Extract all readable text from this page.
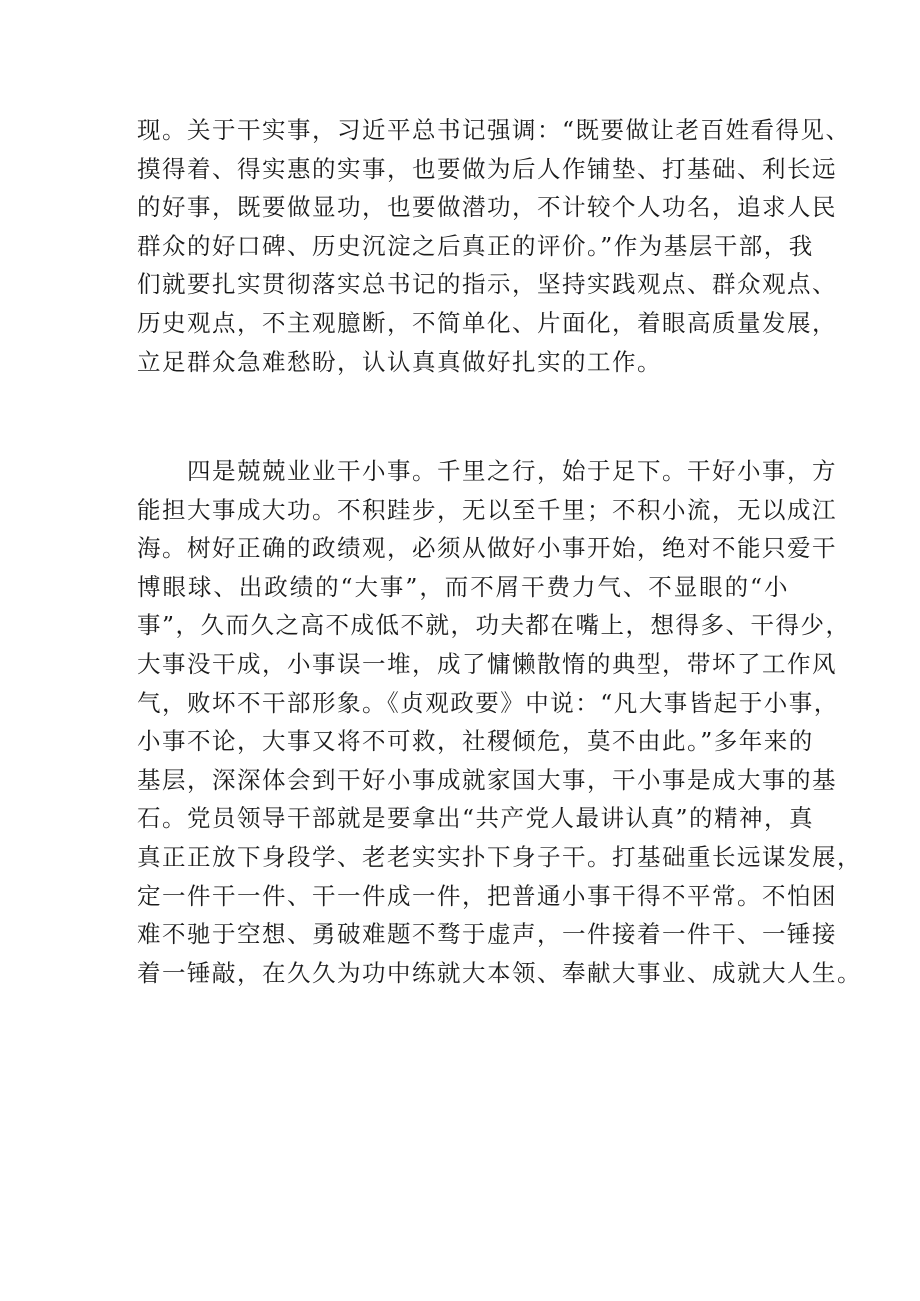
现。关于干实事，习近平总书记强调：“既要做让老百姓看得见、
摸得着、得实惠的实事，也要做为后人作铺垫、打基础、利长远
的好事，既要做显功，也要做潜功，不计较个人功名，追求人民
群众的好口碑、历史沉淀之后真正的评价。”作为基层干部，我
们就要扎实贯彻落实总书记的指示，坚持实践观点、群众观点、
历史观点，不主观臆断，不简单化、片面化，着眼高质量发展，
立足群众急难愁盼，认认真真做好扎实的工作。
四是兢兢业业干小事。千里之行，始于足下。干好小事，方
能担大事成大功。不积跬步，无以至千里；不积小流，无以成江
海。树好正确的政绩观，必须从做好小事开始，绝对不能只爱干
博眼球、出政绩的“大事”，而不屑干费力气、不显眼的“小
事”，久而久之高不成低不就，功夫都在嘴上，想得多、干得少，
大事没干成，小事误一堆，成了慵懒散惰的典型，带坏了工作风
气，败坏不干部形象。《贞观政要》中说：“凡大事皆起于小事，
小事不论，大事又将不可救，社稷倾危，莫不由此。”多年来的
基层，深深体会到干好小事成就家国大事，干小事是成大事的基
石。党员领导干部就是要拿出“共产党人最讲认真”的精神，真
真正正放下身段学、老老实实扑下身子干。打基础重长远谋发展，
定一件干一件、干一件成一件，把普通小事干得不平常。不怕困
难不驰于空想、勇破难题不骛于虚声，一件接着一件干、一锤接
着一锤敲，在久久为功中练就大本领、奉献大事业、成就大人生。
